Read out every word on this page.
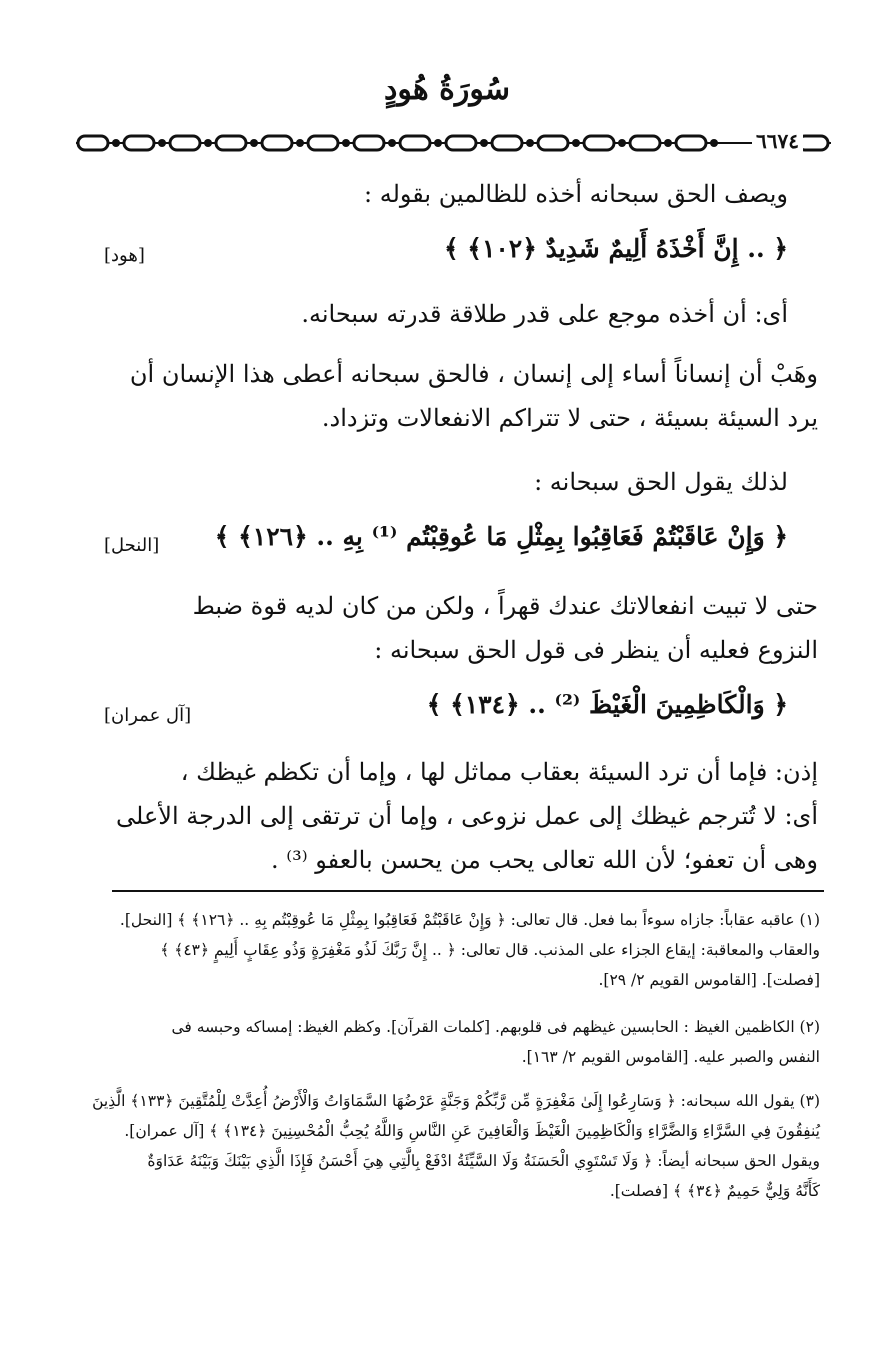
سُورَةُ هُودٍ
٦٦٧٤
ويصف الحق سبحانه أخذه للظالمين بقوله :
﴿ .. إِنَّ أَخْذَهُ أَلِيمٌ شَدِيدٌ ﴿١٠٢﴾ ﴾
[هود]
أى: أن أخذه موجع على قدر طلاقة قدرته سبحانه.
وهَبْ أن إنساناً أساء إلى إنسان ، فالحق سبحانه أعطى هذا الإنسان أن
يرد السيئة بسيئة ، حتى لا تتراكم الانفعالات وتزداد.
لذلك يقول الحق سبحانه :
﴿ وَإِنْ عَاقَبْتُمْ فَعَاقِبُوا بِمِثْلِ مَا عُوقِبْتُم ⁽¹⁾ بِهِ .. ﴿١٢٦﴾ ﴾
[النحل]
حتى لا تبيت انفعالاتك عندك قهراً ، ولكن من كان لديه قوة ضبط
النزوع فعليه أن ينظر فى قول الحق سبحانه :
﴿ وَالْكَاظِمِينَ الْغَيْظَ ⁽²⁾ .. ﴿١٣٤﴾ ﴾
[آل عمران]
إذن: فإما أن ترد السيئة بعقاب مماثل لها ، وإما أن تكظم غيظك ،
أى: لا تُترجم غيظك إلى عمل نزوعى ، وإما أن ترتقى إلى الدرجة الأعلى
وهى أن تعفو؛ لأن الله تعالى يحب من يحسن بالعفو ⁽³⁾ .
(١) عاقبه عقاباً: جازاه سوءاً بما فعل. قال تعالى: ﴿ وَإِنْ عَاقَبْتُمْ فَعَاقِبُوا بِمِثْلِ مَا عُوقِبْتُم بِهِ .. ﴿١٢٦﴾ ﴾ [النحل].
والعقاب والمعاقبة: إيقاع الجزاء على المذنب. قال تعالى: ﴿ .. إِنَّ رَبَّكَ لَذُو مَغْفِرَةٍ وَذُو عِقَابٍ أَلِيمٍ ﴿٤٣﴾ ﴾
[فصلت]. [القاموس القويم ٢/ ٢٩].
(٢) الكاظمين الغيظ : الحابسين غيظهم فى قلوبهم. [كلمات القرآن]. وكظم الغيظ: إمساكه وحبسه فى
النفس والصبر عليه. [القاموس القويم ٢/ ١٦٣].
(٣) يقول الله سبحانه: ﴿ وَسَارِعُوا إِلَىٰ مَغْفِرَةٍ مِّن رَّبِّكُمْ وَجَنَّةٍ عَرْضُهَا السَّمَاوَاتُ وَالْأَرْضُ أُعِدَّتْ لِلْمُتَّقِينَ ﴿١٣٣﴾ الَّذِينَ
يُنفِقُونَ فِي السَّرَّاءِ وَالضَّرَّاءِ وَالْكَاظِمِينَ الْغَيْظَ وَالْعَافِينَ عَنِ النَّاسِ وَاللَّهُ يُحِبُّ الْمُحْسِنِينَ ﴿١٣٤﴾ ﴾ [آل عمران].
ويقول الحق سبحانه أيضاً: ﴿ وَلَا تَسْتَوِي الْحَسَنَةُ وَلَا السَّيِّئَةُ ادْفَعْ بِالَّتِي هِيَ أَحْسَنُ فَإِذَا الَّذِي بَيْنَكَ وَبَيْنَهُ عَدَاوَةٌ
كَأَنَّهُ وَلِيٌّ حَمِيمٌ ﴿٣٤﴾ ﴾ [فصلت].
